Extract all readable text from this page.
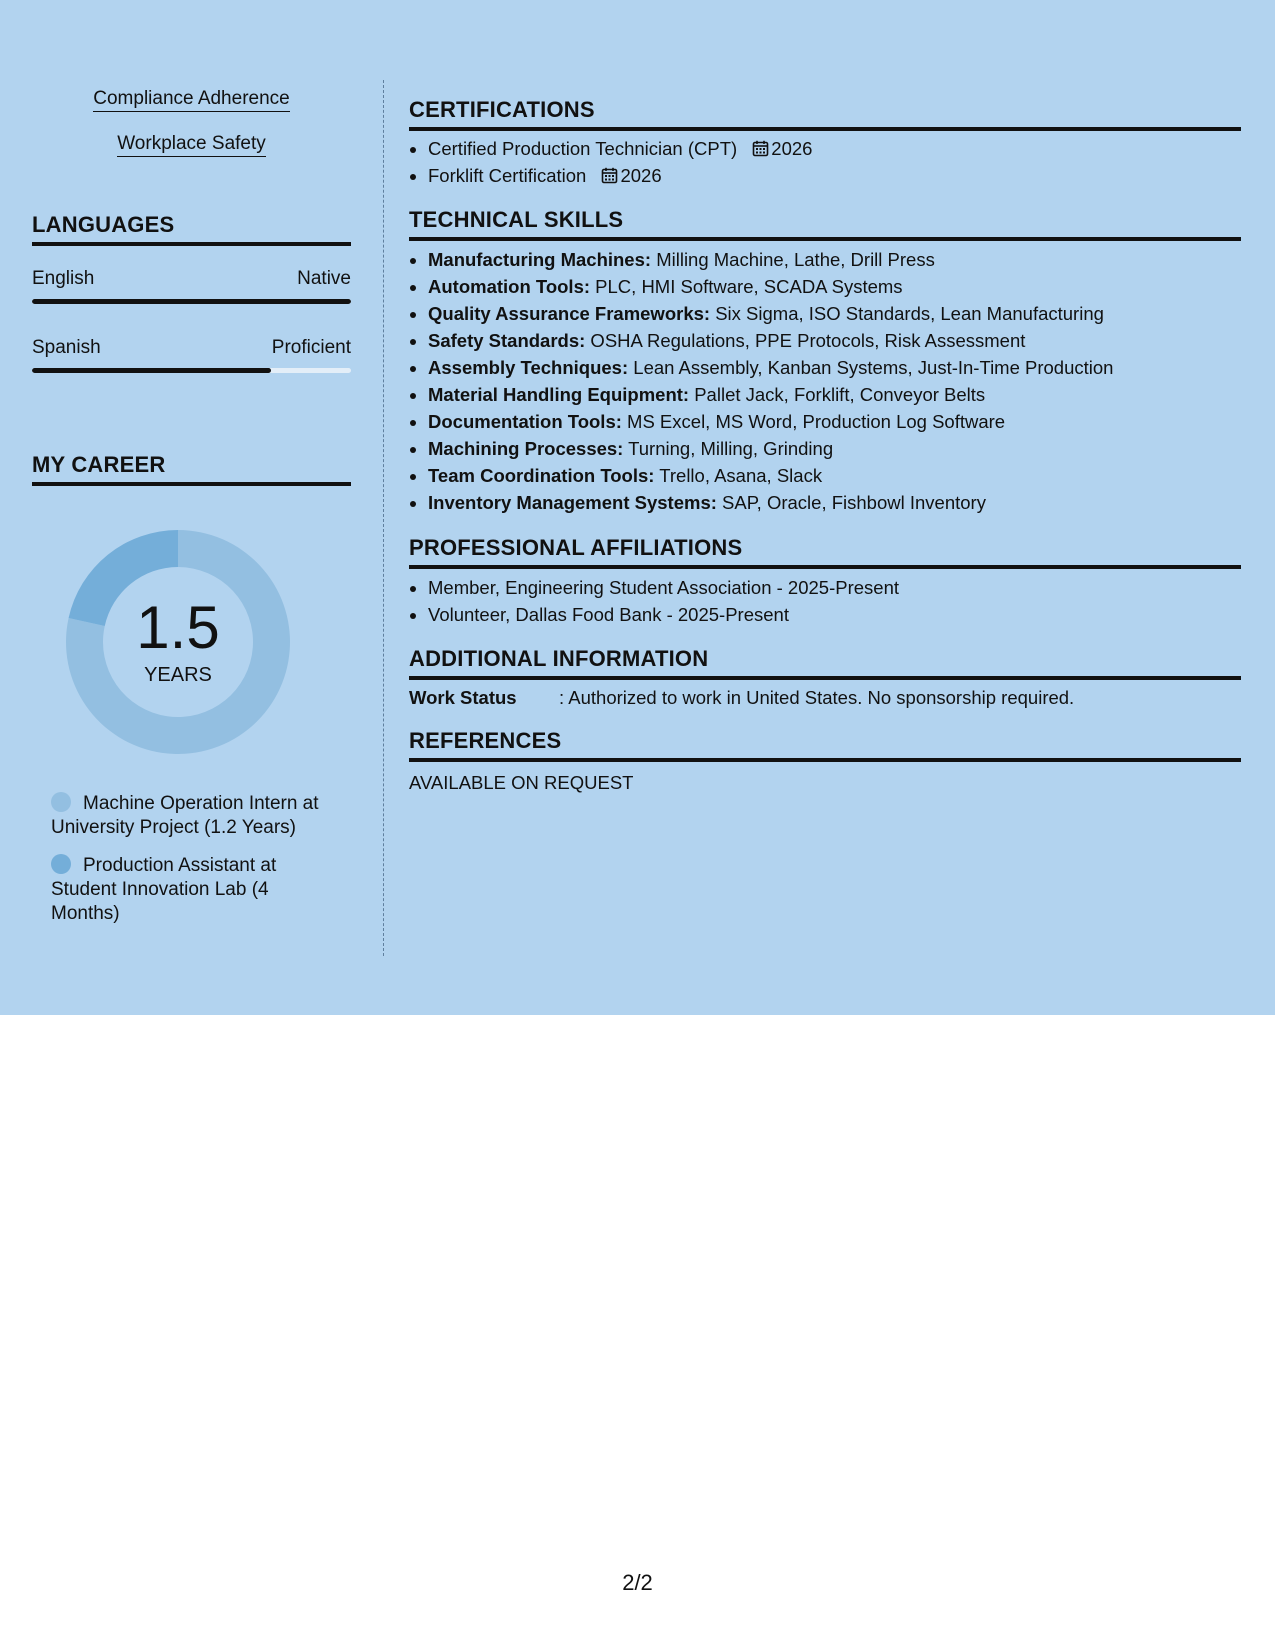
Compliance Adherence
Workplace Safety
LANGUAGES
English	Native
Spanish	Proficient
MY CAREER
1.5
YEARS
Machine Operation Intern at University Project (1.2 Years)
Production Assistant at Student Innovation Lab (4 Months)
CERTIFICATIONS
• Certified Production Technician (CPT) 2026
• Forklift Certification 2026
TECHNICAL SKILLS
• Manufacturing Machines: Milling Machine, Lathe, Drill Press
• Automation Tools: PLC, HMI Software, SCADA Systems
• Quality Assurance Frameworks: Six Sigma, ISO Standards, Lean Manufacturing
• Safety Standards: OSHA Regulations, PPE Protocols, Risk Assessment
• Assembly Techniques: Lean Assembly, Kanban Systems, Just-In-Time Production
• Material Handling Equipment: Pallet Jack, Forklift, Conveyor Belts
• Documentation Tools: MS Excel, MS Word, Production Log Software
• Machining Processes: Turning, Milling, Grinding
• Team Coordination Tools: Trello, Asana, Slack
• Inventory Management Systems: SAP, Oracle, Fishbowl Inventory
PROFESSIONAL AFFILIATIONS
• Member, Engineering Student Association - 2025-Present
• Volunteer, Dallas Food Bank - 2025-Present
ADDITIONAL INFORMATION
Work Status : Authorized to work in United States. No sponsorship required.
REFERENCES
AVAILABLE ON REQUEST
2/2
